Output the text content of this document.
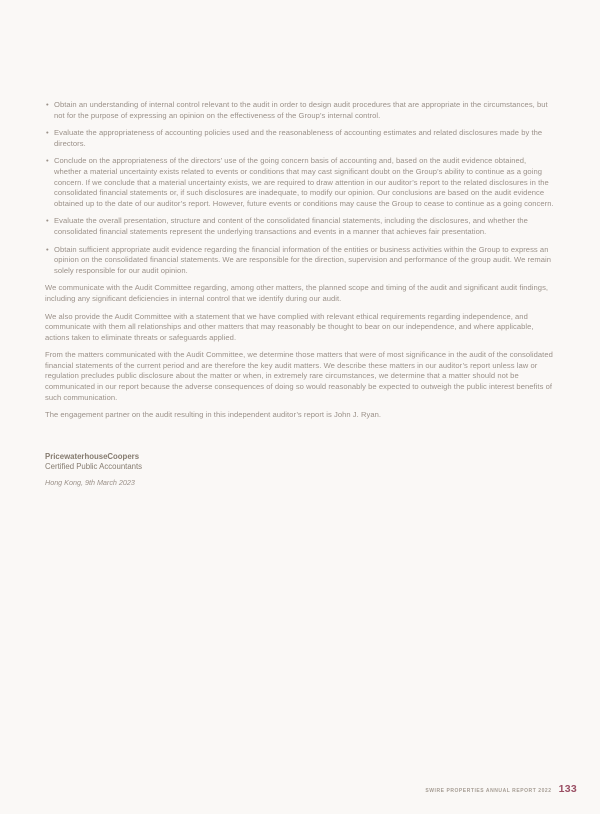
• Obtain an understanding of internal control relevant to the audit in order to design audit procedures that are appropriate in the circumstances, but not for the purpose of expressing an opinion on the effectiveness of the Group’s internal control.
• Evaluate the appropriateness of accounting policies used and the reasonableness of accounting estimates and related disclosures made by the directors.
• Conclude on the appropriateness of the directors’ use of the going concern basis of accounting and, based on the audit evidence obtained, whether a material uncertainty exists related to events or conditions that may cast significant doubt on the Group’s ability to continue as a going concern. If we conclude that a material uncertainty exists, we are required to draw attention in our auditor’s report to the related disclosures in the consolidated financial statements or, if such disclosures are inadequate, to modify our opinion. Our conclusions are based on the audit evidence obtained up to the date of our auditor’s report. However, future events or conditions may cause the Group to cease to continue as a going concern.
• Evaluate the overall presentation, structure and content of the consolidated financial statements, including the disclosures, and whether the consolidated financial statements represent the underlying transactions and events in a manner that achieves fair presentation.
• Obtain sufficient appropriate audit evidence regarding the financial information of the entities or business activities within the Group to express an opinion on the consolidated financial statements. We are responsible for the direction, supervision and performance of the group audit. We remain solely responsible for our audit opinion.

We communicate with the Audit Committee regarding, among other matters, the planned scope and timing of the audit and significant audit findings, including any significant deficiencies in internal control that we identify during our audit.

We also provide the Audit Committee with a statement that we have complied with relevant ethical requirements regarding independence, and communicate with them all relationships and other matters that may reasonably be thought to bear on our independence, and where applicable, actions taken to eliminate threats or safeguards applied.

From the matters communicated with the Audit Committee, we determine those matters that were of most significance in the audit of the consolidated financial statements of the current period and are therefore the key audit matters. We describe these matters in our auditor’s report unless law or regulation precludes public disclosure about the matter or when, in extremely rare circumstances, we determine that a matter should not be communicated in our report because the adverse consequences of doing so would reasonably be expected to outweigh the public interest benefits of such communication.

The engagement partner on the audit resulting in this independent auditor’s report is John J. Ryan.

PricewaterhouseCoopers
Certified Public Accountants
Hong Kong, 9th March 2023
SWIRE PROPERTIES ANNUAL REPORT 2022 133
